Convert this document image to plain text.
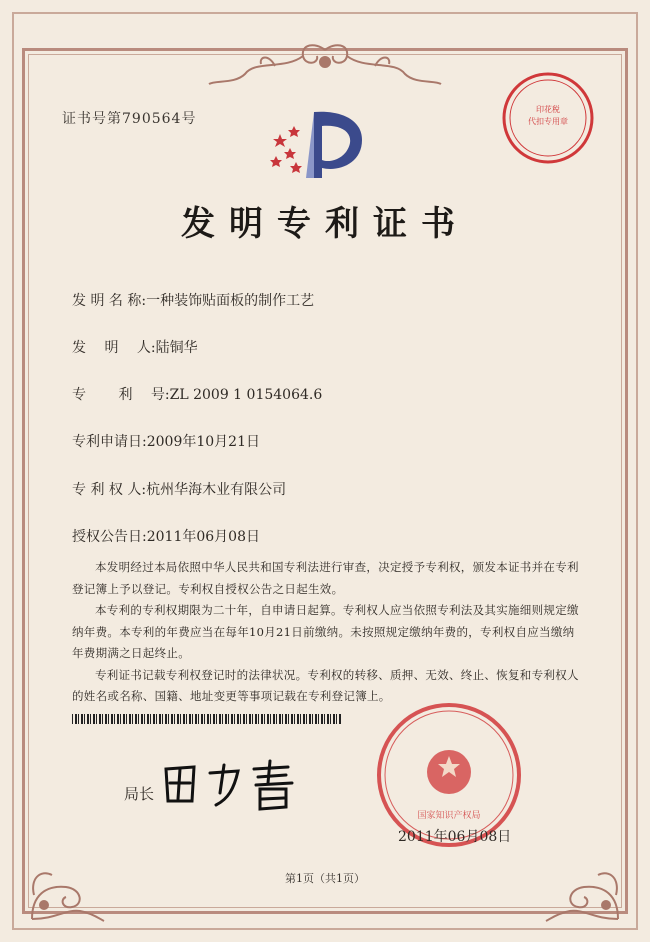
证书号第790564号
印花税
代扣专用章
发明专利证书
发 明 名 称:一种装饰贴面板的制作工艺
发　 明　 人:陆铜华
专　　 利　 号:ZL 2009 1 0154064.6
专利申请日:2009年10月21日
专 利 权 人:杭州华海木业有限公司
授权公告日:2011年06月08日

本发明经过本局依照中华人民共和国专利法进行审查，决定授予专利权，颁发本证书并在专利登记簿上予以登记。专利权自授权公告之日起生效。

本专利的专利权期限为二十年，自申请日起算。专利权人应当依照专利法及其实施细则规定缴纳年费。本专利的年费应当在每年10月21日前缴纳。未按照规定缴纳年费的，专利权自应当缴纳年费期满之日起终止。

专利证书记载专利权登记时的法律状况。专利权的转移、质押、无效、终止、恢复和专利权人的姓名或名称、国籍、地址变更等事项记载在专利登记簿上。

局长
国家知识产权局
2011年06月08日
第1页（共1页）
